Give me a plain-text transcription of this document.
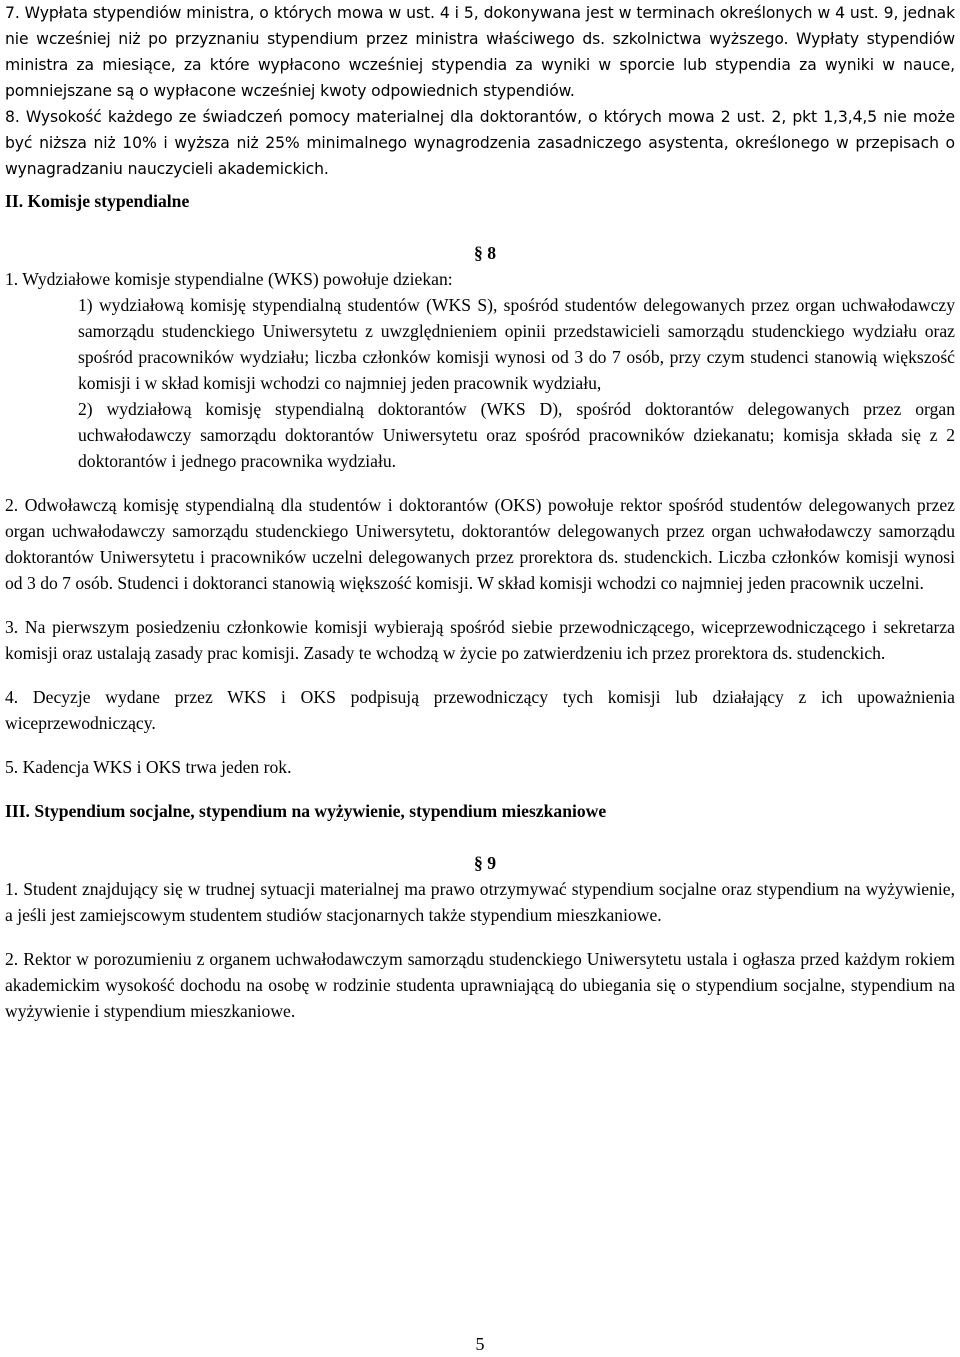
7. Wypłata stypendiów ministra, o których mowa w ust. 4 i 5, dokonywana jest w terminach określonych w 4 ust. 9, jednak nie wcześniej niż po przyznaniu stypendium przez ministra właściwego ds. szkolnictwa wyższego. Wypłaty stypendiów ministra za miesiące, za które wypłacono wcześniej stypendia za wyniki w sporcie lub stypendia za wyniki w nauce, pomniejszane są o wypłacone wcześniej kwoty odpowiednich stypendiów.

8. Wysokość każdego ze świadczeń pomocy materialnej dla doktorantów, o których mowa 2 ust. 2, pkt 1,3,4,5 nie może być niższa niż 10% i wyższa niż 25% minimalnego wynagrodzenia zasadniczego asystenta, określonego w przepisach o wynagradzaniu nauczycieli akademickich.

II. Komisje stypendialne

§ 8

1. Wydziałowe komisje stypendialne (WKS) powołuje dziekan:

1) wydziałową komisję stypendialną studentów (WKS S), spośród studentów delegowanych przez organ uchwałodawczy samorządu studenckiego Uniwersytetu z uwzględnieniem opinii przedstawicieli samorządu studenckiego wydziału oraz spośród pracowników wydziału; liczba członków komisji wynosi od 3 do 7 osób, przy czym studenci stanowią większość komisji i w skład komisji wchodzi co najmniej jeden pracownik wydziału,

2) wydziałową komisję stypendialną doktorantów (WKS D), spośród doktorantów delegowanych przez organ uchwałodawczy samorządu doktorantów Uniwersytetu oraz spośród pracowników dziekanatu; komisja składa się z 2 doktorantów i jednego pracownika wydziału.

2. Odwoławczą komisję stypendialną dla studentów i doktorantów (OKS) powołuje rektor spośród studentów delegowanych przez organ uchwałodawczy samorządu studenckiego Uniwersytetu, doktorantów delegowanych przez organ uchwałodawczy samorządu doktorantów Uniwersytetu i pracowników uczelni delegowanych przez prorektora ds. studenckich. Liczba członków komisji wynosi od 3 do 7 osób. Studenci i doktoranci stanowią większość komisji. W skład komisji wchodzi co najmniej jeden pracownik uczelni.

3. Na pierwszym posiedzeniu członkowie komisji wybierają spośród siebie przewodniczącego, wiceprzewodniczącego i sekretarza komisji oraz ustalają zasady prac komisji. Zasady te wchodzą w życie po zatwierdzeniu ich przez prorektora ds. studenckich.

4. Decyzje wydane przez WKS i OKS podpisują przewodniczący tych komisji lub działający z ich upoważnienia wiceprzewodniczący.

5. Kadencja WKS i OKS trwa jeden rok.

III. Stypendium socjalne, stypendium na wyżywienie, stypendium mieszkaniowe

§ 9

1. Student znajdujący się w trudnej sytuacji materialnej ma prawo otrzymywać stypendium socjalne oraz stypendium na wyżywienie, a jeśli jest zamiejscowym studentem studiów stacjonarnych także stypendium mieszkaniowe.

2. Rektor w porozumieniu z organem uchwałodawczym samorządu studenckiego Uniwersytetu ustala i ogłasza przed każdym rokiem akademickim wysokość dochodu na osobę w rodzinie studenta uprawniającą do ubiegania się o stypendium socjalne, stypendium na wyżywienie i stypendium mieszkaniowe.

5
